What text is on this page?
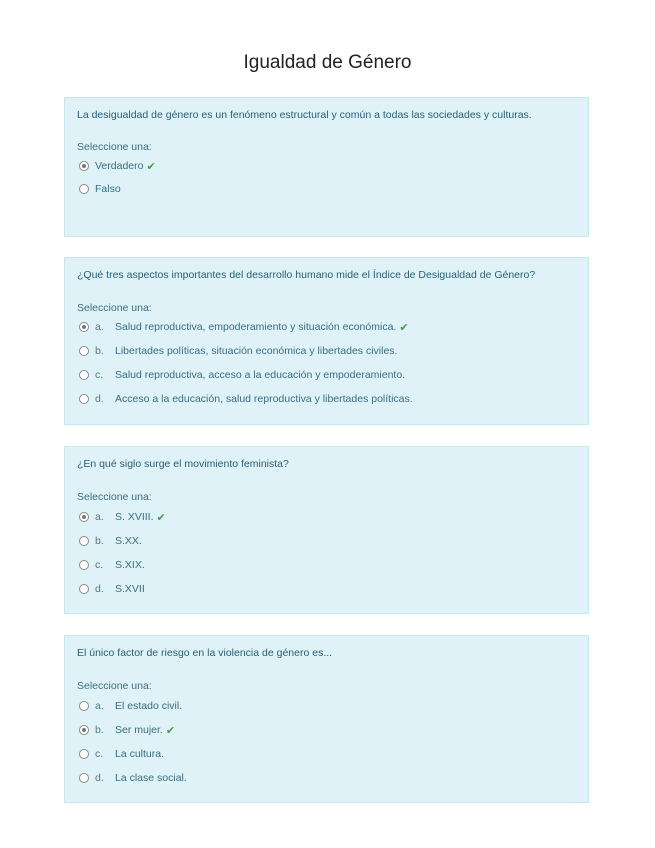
Igualdad de Género
La desigualdad de género es un fenómeno estructural y común a todas las sociedades y culturas.
Seleccione una:
Verdadero ✔
Falso
¿Qué tres aspectos importantes del desarrollo humano mide el Índice de Desigualdad de Género?
Seleccione una:
a.	Salud reproductiva, empoderamiento y situación económica. ✔
b.	Libertades políticas, situación económica y libertades civiles.
c.	Salud reproductiva, acceso a la educación y empoderamiento.
d.	Acceso a la educación, salud reproductiva y libertades políticas.
¿En qué siglo surge el movimiento feminista?
Seleccione una:
a.	S. XVIII. ✔
b.	S.XX.
c.	S.XIX.
d.	S.XVII
El único factor de riesgo en la violencia de género es...
Seleccione una:
a.	El estado civil.
b.	Ser mujer. ✔
c.	La cultura.
d.	La clase social.
